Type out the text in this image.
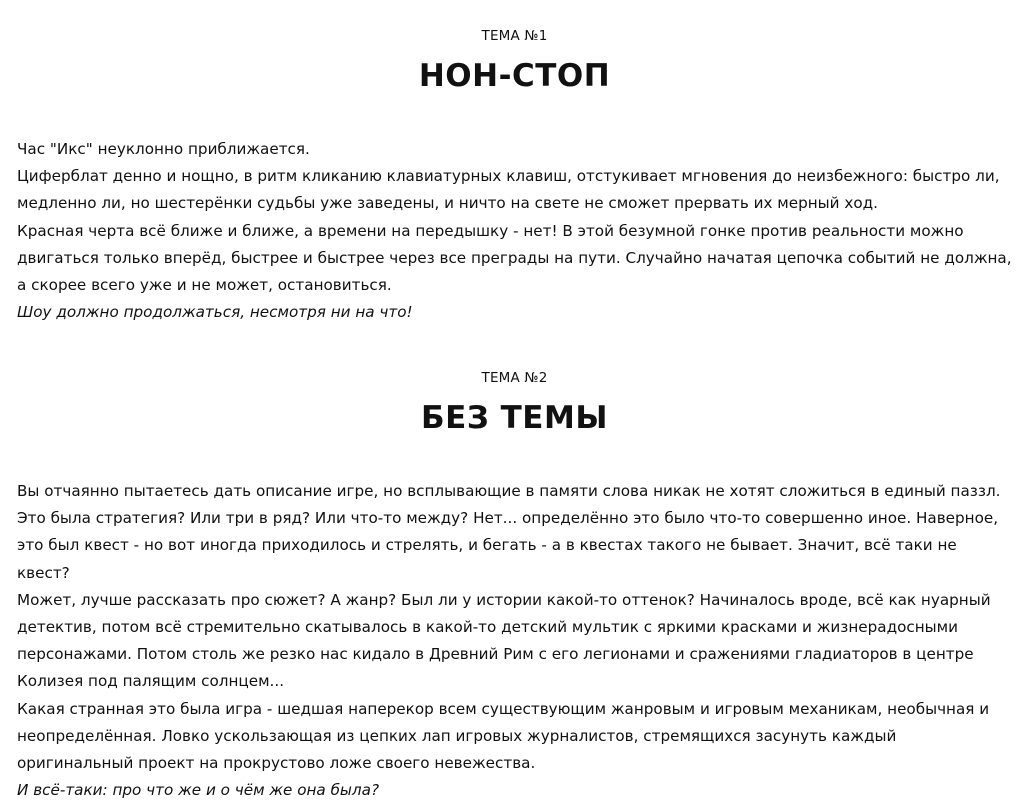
ТЕМА №1
НОН-СТОП

Час "Икс" неуклонно приближается.

Циферблат денно и нощно, в ритм кликанию клавиатурных клавиш, отстукивает мгновения до неизбежного: быстро ли, медленно ли, но шестерёнки судьбы уже заведены, и ничто на свете не сможет прервать их мерный ход.

Красная черта всё ближе и ближе, а времени на передышку - нет! В этой безумной гонке против реальности можно двигаться только вперёд, быстрее и быстрее через все преграды на пути. Случайно начатая цепочка событий не должна, а скорее всего уже и не может, остановиться.

Шоу должно продолжаться, несмотря ни на что!

ТЕМА №2
БЕЗ ТЕМЫ

Вы отчаянно пытаетесь дать описание игре, но всплывающие в памяти слова никак не хотят сложиться в единый паззл.

Это была стратегия? Или три в ряд? Или что-то между? Нет... определённо это было что-то совершенно иное. Наверное, это был квест - но вот иногда приходилось и стрелять, и бегать - а в квестах такого не бывает. Значит, всё таки не квест?

Может, лучше рассказать про сюжет? А жанр? Был ли у истории какой-то оттенок? Начиналось вроде, всё как нуарный детектив, потом всё стремительно скатывалось в какой-то детский мультик с яркими красками и жизнерадосными персонажами. Потом столь же резко нас кидало в Древний Рим с его легионами и сражениями гладиаторов в центре Колизея под палящим солнцем...

Какая странная это была игра - шедшая наперекор всем существующим жанровым и игровым механикам, необычная и неопределённая. Ловко ускользающая из цепких лап игровых журналистов, стремящихся засунуть каждый оригинальный проект на прокрустово ложе своего невежества.

И всё-таки: про что же и о чём же она была?
